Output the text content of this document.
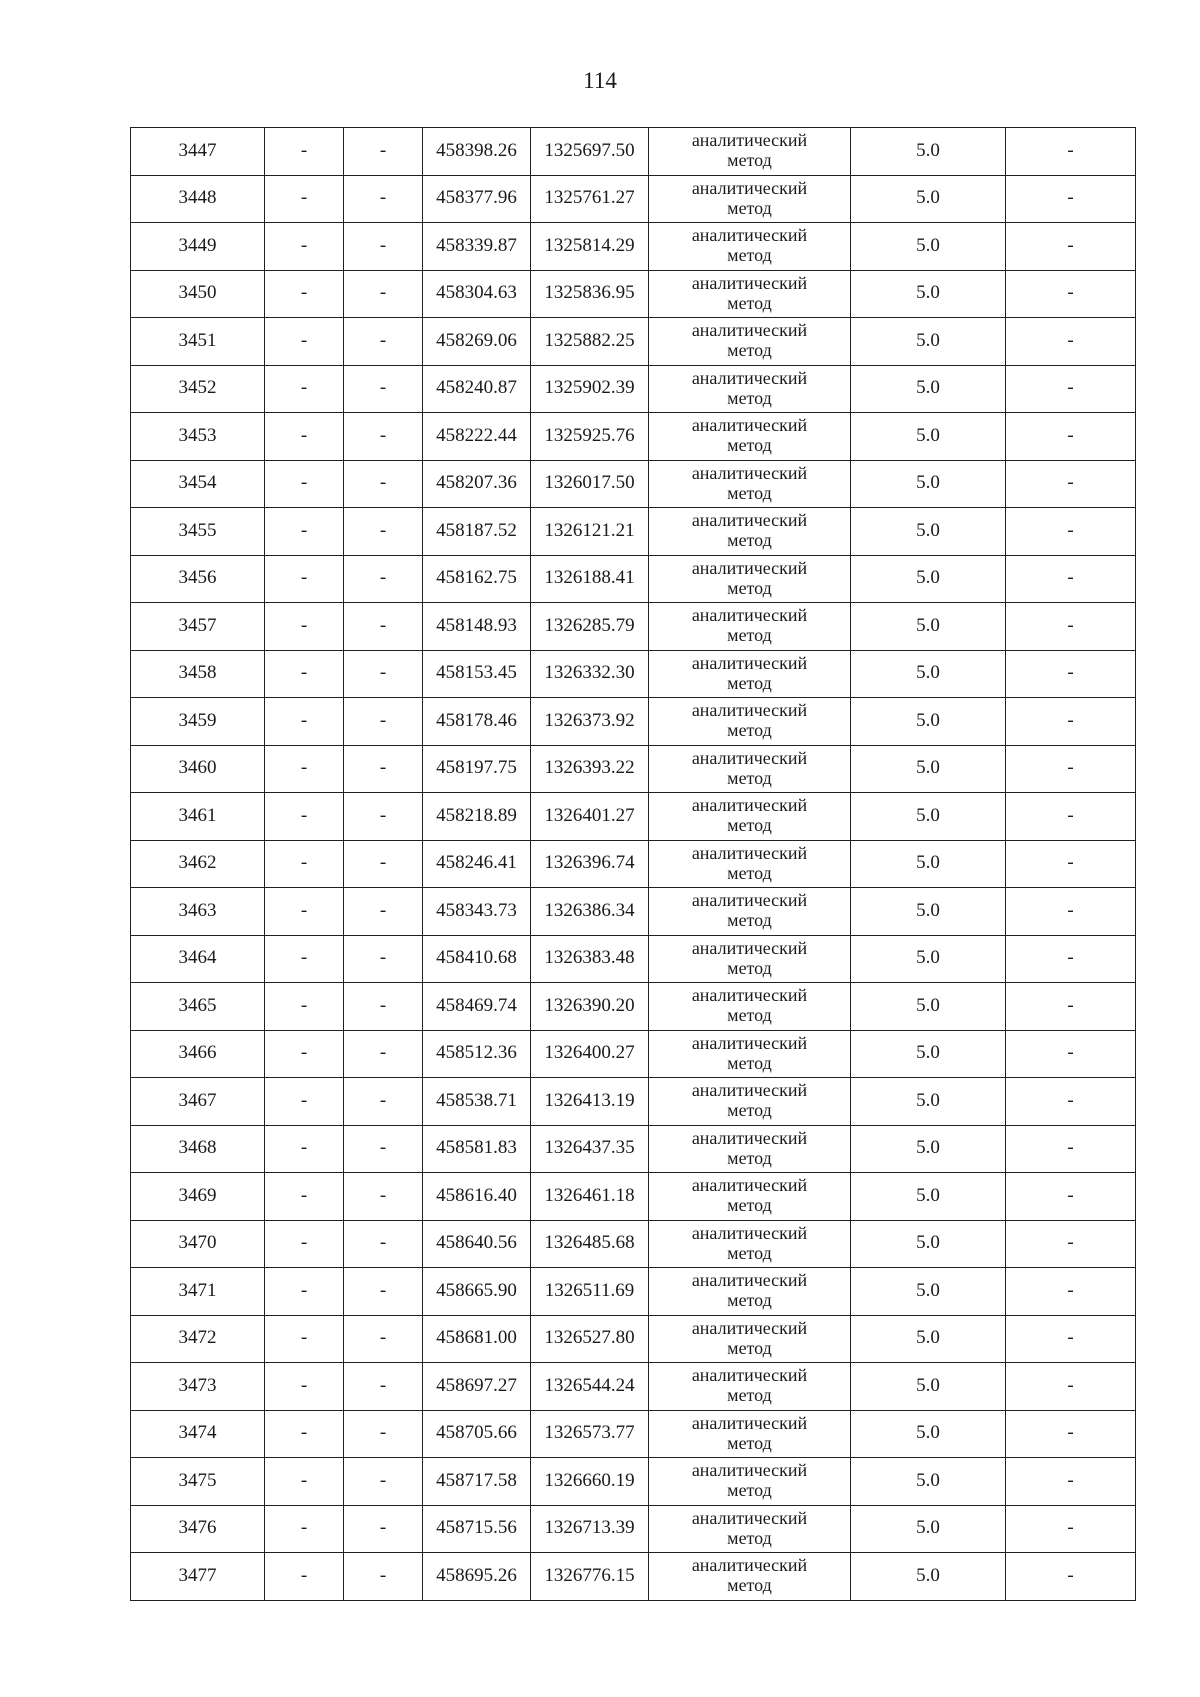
114
3447	-	-	458398.26	1325697.50	аналитический
метод	5.0	-
3448	-	-	458377.96	1325761.27	аналитический
метод	5.0	-
3449	-	-	458339.87	1325814.29	аналитический
метод	5.0	-
3450	-	-	458304.63	1325836.95	аналитический
метод	5.0	-
3451	-	-	458269.06	1325882.25	аналитический
метод	5.0	-
3452	-	-	458240.87	1325902.39	аналитический
метод	5.0	-
3453	-	-	458222.44	1325925.76	аналитический
метод	5.0	-
3454	-	-	458207.36	1326017.50	аналитический
метод	5.0	-
3455	-	-	458187.52	1326121.21	аналитический
метод	5.0	-
3456	-	-	458162.75	1326188.41	аналитический
метод	5.0	-
3457	-	-	458148.93	1326285.79	аналитический
метод	5.0	-
3458	-	-	458153.45	1326332.30	аналитический
метод	5.0	-
3459	-	-	458178.46	1326373.92	аналитический
метод	5.0	-
3460	-	-	458197.75	1326393.22	аналитический
метод	5.0	-
3461	-	-	458218.89	1326401.27	аналитический
метод	5.0	-
3462	-	-	458246.41	1326396.74	аналитический
метод	5.0	-
3463	-	-	458343.73	1326386.34	аналитический
метод	5.0	-
3464	-	-	458410.68	1326383.48	аналитический
метод	5.0	-
3465	-	-	458469.74	1326390.20	аналитический
метод	5.0	-
3466	-	-	458512.36	1326400.27	аналитический
метод	5.0	-
3467	-	-	458538.71	1326413.19	аналитический
метод	5.0	-
3468	-	-	458581.83	1326437.35	аналитический
метод	5.0	-
3469	-	-	458616.40	1326461.18	аналитический
метод	5.0	-
3470	-	-	458640.56	1326485.68	аналитический
метод	5.0	-
3471	-	-	458665.90	1326511.69	аналитический
метод	5.0	-
3472	-	-	458681.00	1326527.80	аналитический
метод	5.0	-
3473	-	-	458697.27	1326544.24	аналитический
метод	5.0	-
3474	-	-	458705.66	1326573.77	аналитический
метод	5.0	-
3475	-	-	458717.58	1326660.19	аналитический
метод	5.0	-
3476	-	-	458715.56	1326713.39	аналитический
метод	5.0	-
3477	-	-	458695.26	1326776.15	аналитический
метод	5.0	-
